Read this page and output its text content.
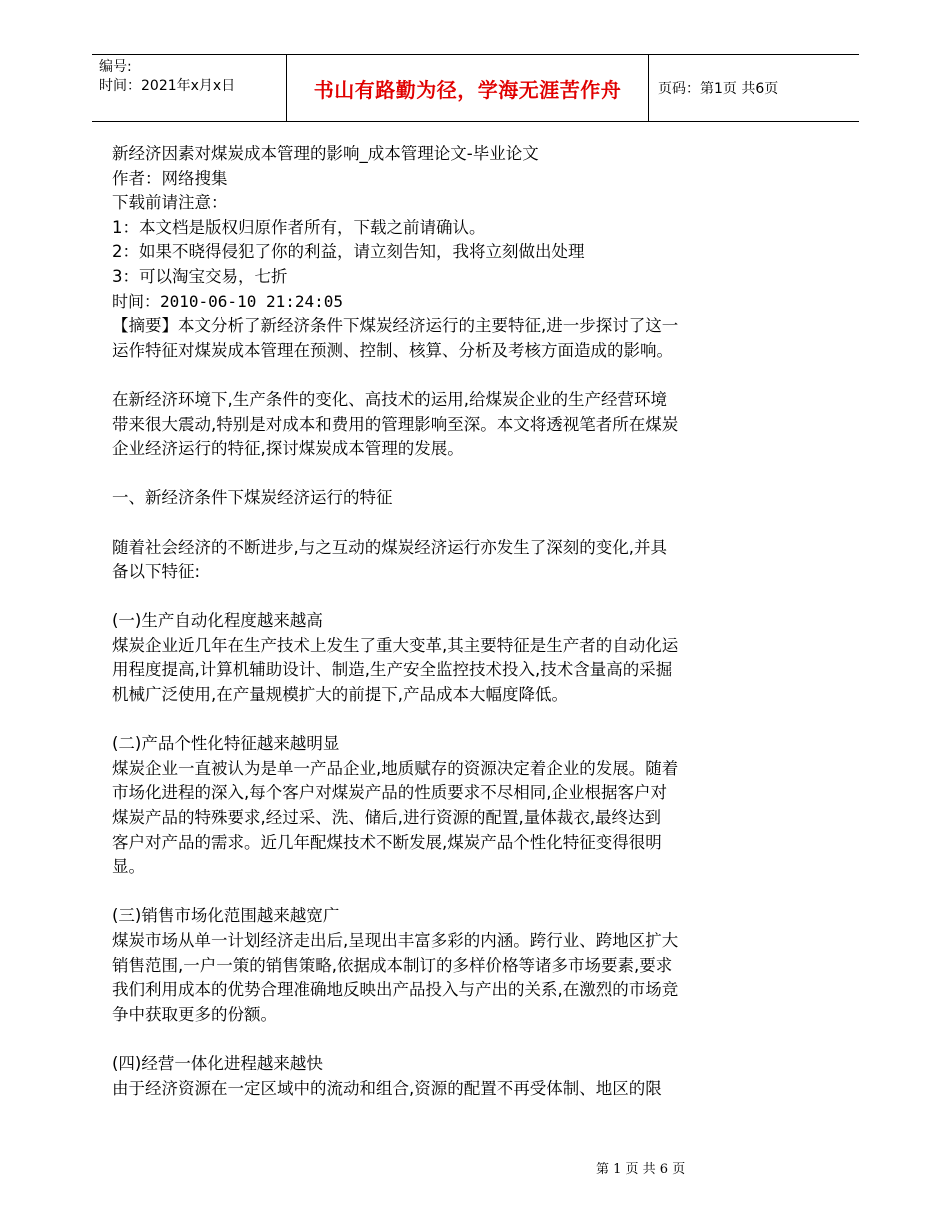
编号:
时间：2021年x月x日	书山有路勤为径，学海无涯苦作舟	页码：第1页 共6页

新经济因素对煤炭成本管理的影响_成本管理论文-毕业论文

作者：网络搜集

下载前请注意：

1：本文档是版权归原作者所有，下载之前请确认。

2：如果不晓得侵犯了你的利益，请立刻告知，我将立刻做出处理

3：可以淘宝交易，七折

时间：2010-06-10 21:24:05

【摘要】本文分析了新经济条件下煤炭经济运行的主要特征,进一步探讨了这一

运作特征对煤炭成本管理在预测、控制、核算、分析及考核方面造成的影响。

在新经济环境下,生产条件的变化、高技术的运用,给煤炭企业的生产经营环境

带来很大震动,特别是对成本和费用的管理影响至深。本文将透视笔者所在煤炭

企业经济运行的特征,探讨煤炭成本管理的发展。

一、新经济条件下煤炭经济运行的特征

随着社会经济的不断进步,与之互动的煤炭经济运行亦发生了深刻的变化,并具

备以下特征:

(一)生产自动化程度越来越高

煤炭企业近几年在生产技术上发生了重大变革,其主要特征是生产者的自动化运

用程度提高,计算机辅助设计、制造,生产安全监控技术投入,技术含量高的采掘

机械广泛使用,在产量规模扩大的前提下,产品成本大幅度降低。

(二)产品个性化特征越来越明显

煤炭企业一直被认为是单一产品企业,地质赋存的资源决定着企业的发展。随着

市场化进程的深入,每个客户对煤炭产品的性质要求不尽相同,企业根据客户对

煤炭产品的特殊要求,经过采、洗、储后,进行资源的配置,量体裁衣,最终达到

客户对产品的需求。近几年配煤技术不断发展,煤炭产品个性化特征变得很明

显。

(三)销售市场化范围越来越宽广

煤炭市场从单一计划经济走出后,呈现出丰富多彩的内涵。跨行业、跨地区扩大

销售范围,一户一策的销售策略,依据成本制订的多样价格等诸多市场要素,要求

我们利用成本的优势合理准确地反映出产品投入与产出的关系,在激烈的市场竞

争中获取更多的份额。

(四)经营一体化进程越来越快

由于经济资源在一定区域中的流动和组合,资源的配置不再受体制、地区的限

第 1 页 共 6 页
